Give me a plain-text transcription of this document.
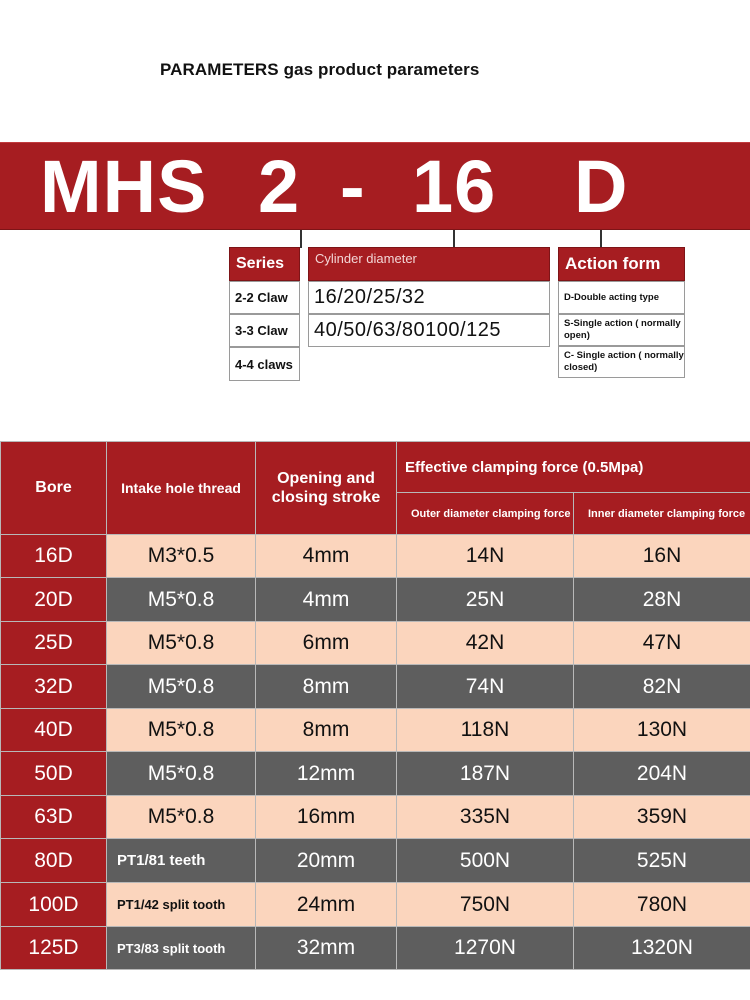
PARAMETERS gas product parameters
MHS 2 - 16 D
Series
2-2 Claw
3-3 Claw
4-4 claws
Cylinder diameter
16/20/25/32
40/50/63/80100/125
Action form
D-Double acting type
S-Single action ( normally open)
C- Single action ( normally closed)
Bore	Intake hole thread	Opening and closing stroke	Effective clamping force (0.5Mpa)	
			Outer diameter clamping force	Inner diameter clamping force
16D	M3*0.5	4mm	14N	16N
20D	M5*0.8	4mm	25N	28N
25D	M5*0.8	6mm	42N	47N
32D	M5*0.8	8mm	74N	82N
40D	M5*0.8	8mm	118N	130N
50D	M5*0.8	12mm	187N	204N
63D	M5*0.8	16mm	335N	359N
80D	PT1/81 teeth	20mm	500N	525N
100D	PT1/42 split tooth	24mm	750N	780N
125D	PT3/83 split tooth	32mm	1270N	1320N
